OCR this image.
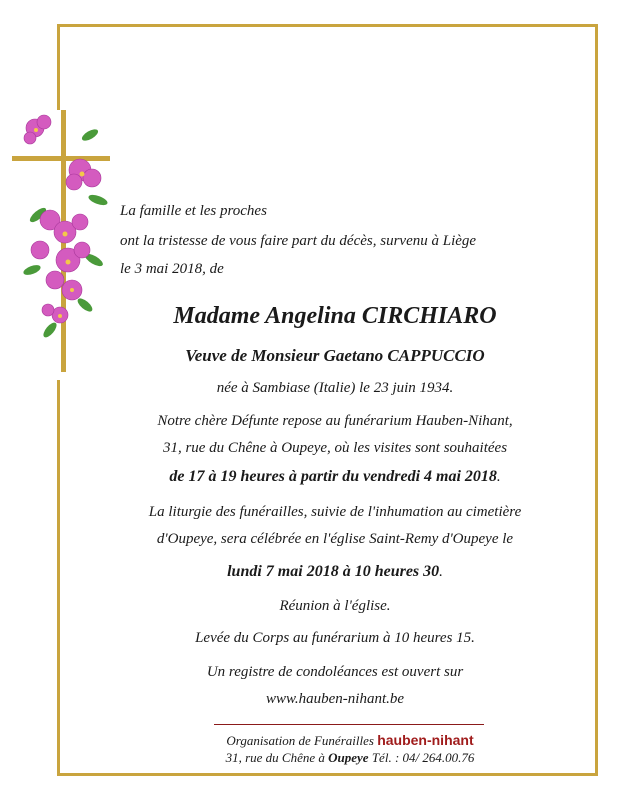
La famille et les proches
ont la tristesse de vous faire part du décès, survenu à Liège
le 3 mai 2018, de
Madame Angelina CIRCHIARO
Veuve de Monsieur Gaetano CAPPUCCIO
née à Sambiase (Italie) le 23 juin 1934.
Notre chère Défunte repose au funérarium Hauben-Nihant,
31, rue du Chêne à Oupeye, où les visites sont souhaitées
de 17 à 19 heures à partir du vendredi 4 mai 2018.
La liturgie des funérailles, suivie de l'inhumation au cimetière
d'Oupeye, sera célébrée en l'église Saint-Remy d'Oupeye le
lundi 7 mai 2018 à 10 heures 30.
Réunion à l'église.
Levée du Corps au funérarium à 10 heures 15.
Un registre de condoléances est ouvert sur
www.hauben-nihant.be
Organisation de Funérailles hauben-nihant
31, rue du Chêne à Oupeye Tél. : 04/ 264.00.76
